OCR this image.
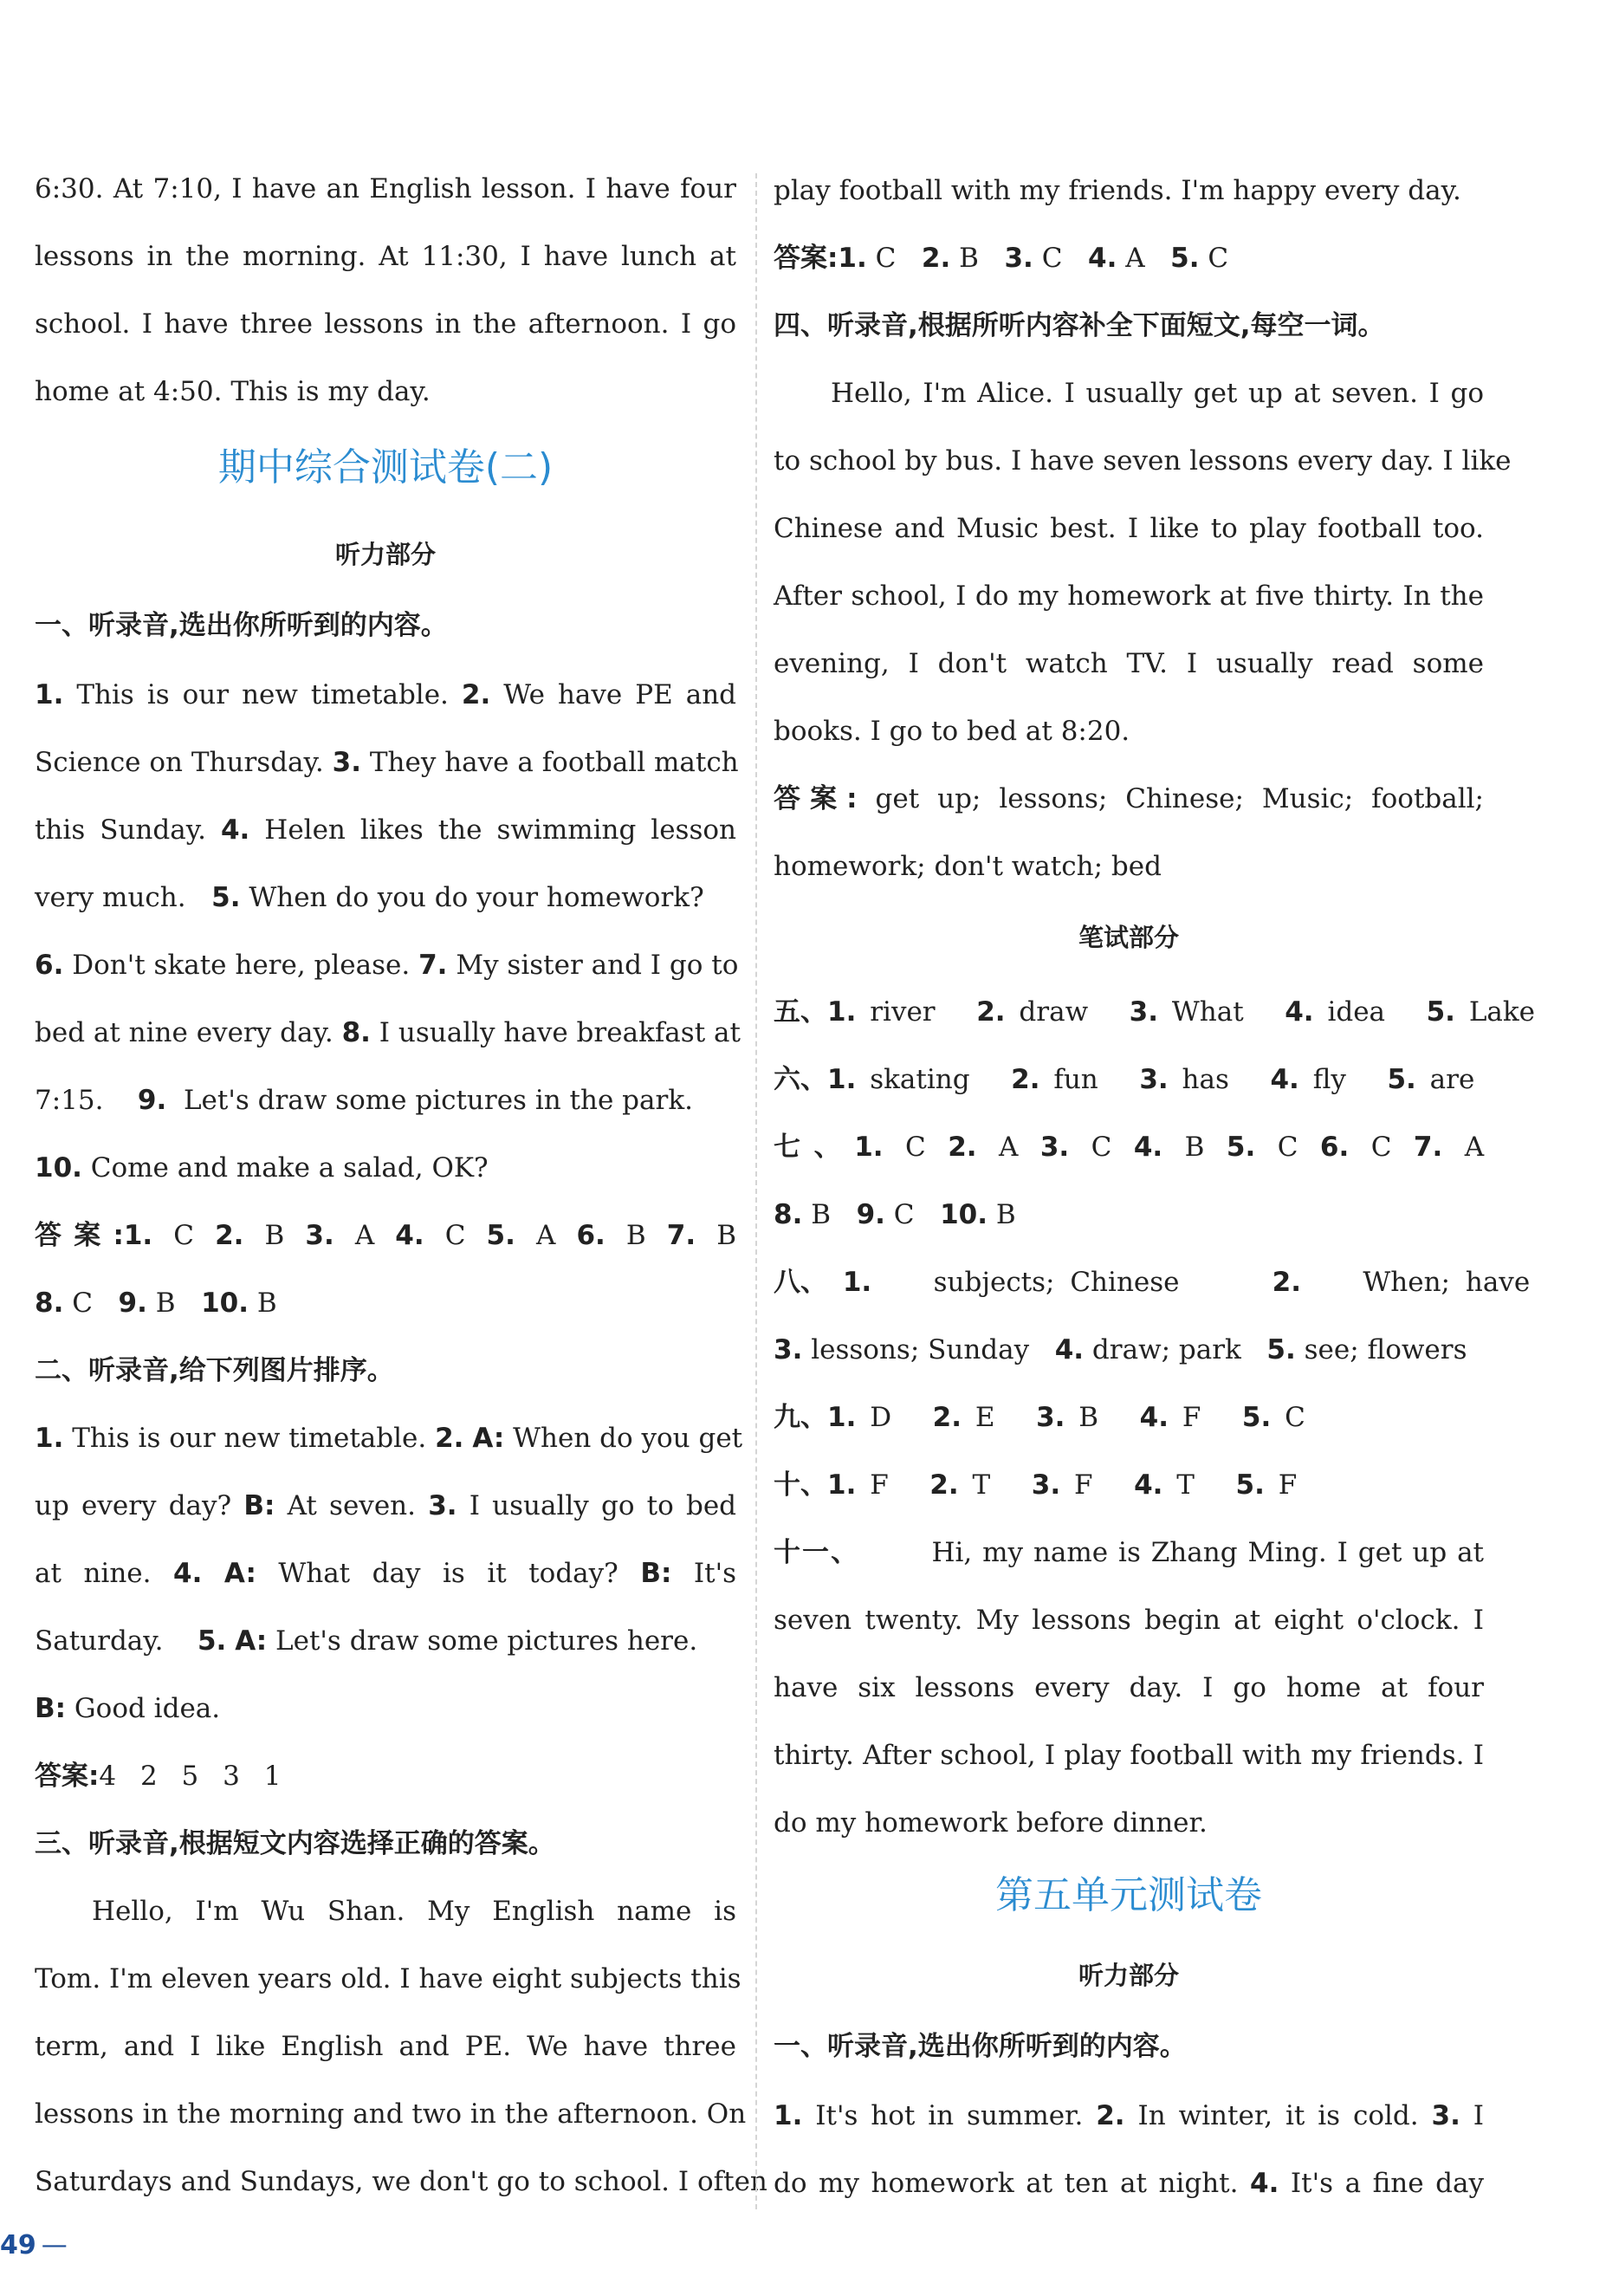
6:30. At 7:10, I have an English lesson. I have four
lessons in the morning. At 11:30, I have lunch at
school. I have three lessons in the afternoon. I go
home at 4:50. This is my day.
期中综合测试卷(二)
听力部分
一、听录音,选出你所听到的内容。
1. This is our new timetable. 2. We have PE and
Science on Thursday. 3. They have a football match
this Sunday. 4. Helen likes the swimming lesson
very much. 5. When do you do your homework?
6. Don't skate here, please. 7. My sister and I go to
bed at nine every day. 8. I usually have breakfast at
7:15. 9. Let's draw some pictures in the park.
10. Come and make a salad, OK?
答案:1. C 2. B 3. A 4. C 5. A 6. B 7. B
8. C 9. B 10. B
二、听录音,给下列图片排序。
1. This is our new timetable. 2. A: When do you get
up every day? B: At seven. 3. I usually go to bed
at nine. 4. A: What day is it today? B: It's
Saturday. 5. A: Let's draw some pictures here.
B: Good idea.
答案:4 2 5 3 1
三、听录音,根据短文内容选择正确的答案。
Hello, I'm Wu Shan. My English name is
Tom. I'm eleven years old. I have eight subjects this
term, and I like English and PE. We have three
lessons in the morning and two in the afternoon. On
Saturdays and Sundays, we don't go to school. I often
play football with my friends. I'm happy every day.
答案:1. C 2. B 3. C 4. A 5. C
四、听录音,根据所听内容补全下面短文,每空一词。
Hello, I'm Alice. I usually get up at seven. I go
to school by bus. I have seven lessons every day. I like
Chinese and Music best. I like to play football too.
After school, I do my homework at five thirty. In the
evening, I don't watch TV. I usually read some
books. I go to bed at 8:20.
答案: get up; lessons; Chinese; Music; football;
homework; don't watch; bed
笔试部分
五、1. river 2. draw 3. What 4. idea 5. Lake
六、1. skating 2. fun 3. has 4. fly 5. are
七、1. C 2. A 3. C 4. B 5. C 6. C 7. A
8. B 9. C 10. B
八、 1. subjects; Chinese	2. When; have
3. lessons; Sunday 4. draw; park 5. see; flowers
九、1. D 2. E 3. B 4. F 5. C
十、1. F 2. T 3. F 4. T 5. F
十一、	Hi, my name is Zhang Ming. I get up at
seven twenty. My lessons begin at eight o'clock. I
have six lessons every day. I go home at four
thirty. After school, I play football with my friends. I
do my homework before dinner.
第五单元测试卷
听力部分
一、听录音,选出你所听到的内容。
1. It's hot in summer. 2. In winter, it is cold. 3. I
do my homework at ten at night. 4. It's a fine day
49 —
